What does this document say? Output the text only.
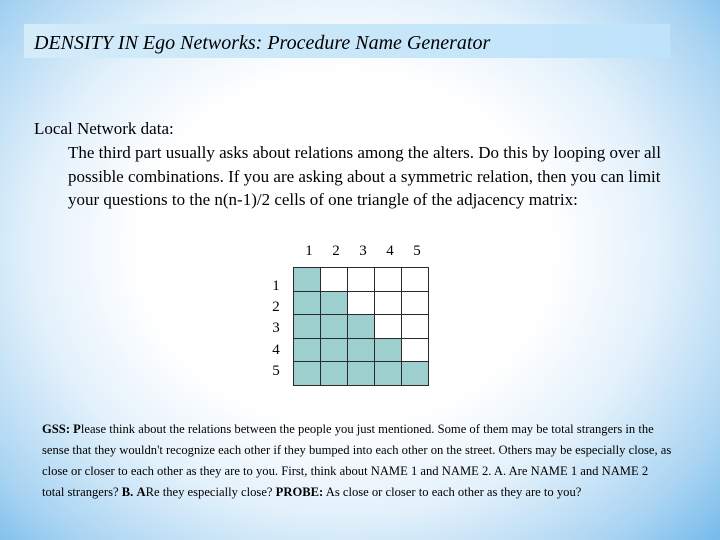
DENSITY IN Ego Networks: Procedure Name Generator
Local Network data:
The third part usually asks about relations among the alters. Do this by looping over all possible combinations. If you are asking about a symmetric relation, then you can limit your questions to the n(n-1)/2 cells of one triangle of the adjacency matrix:
1 2 3 4 5
1
2
3
4
5
GSS: Please think about the relations between the people you just mentioned. Some of them may be total strangers in the sense that they wouldn't recognize each other if they bumped into each other on the street. Others may be especially close, as close or closer to each other as they are to you. First, think about NAME 1 and NAME 2. A. Are NAME 1 and NAME 2 total strangers? B. ARe they especially close? PROBE: As close or closer to each other as they are to you?
